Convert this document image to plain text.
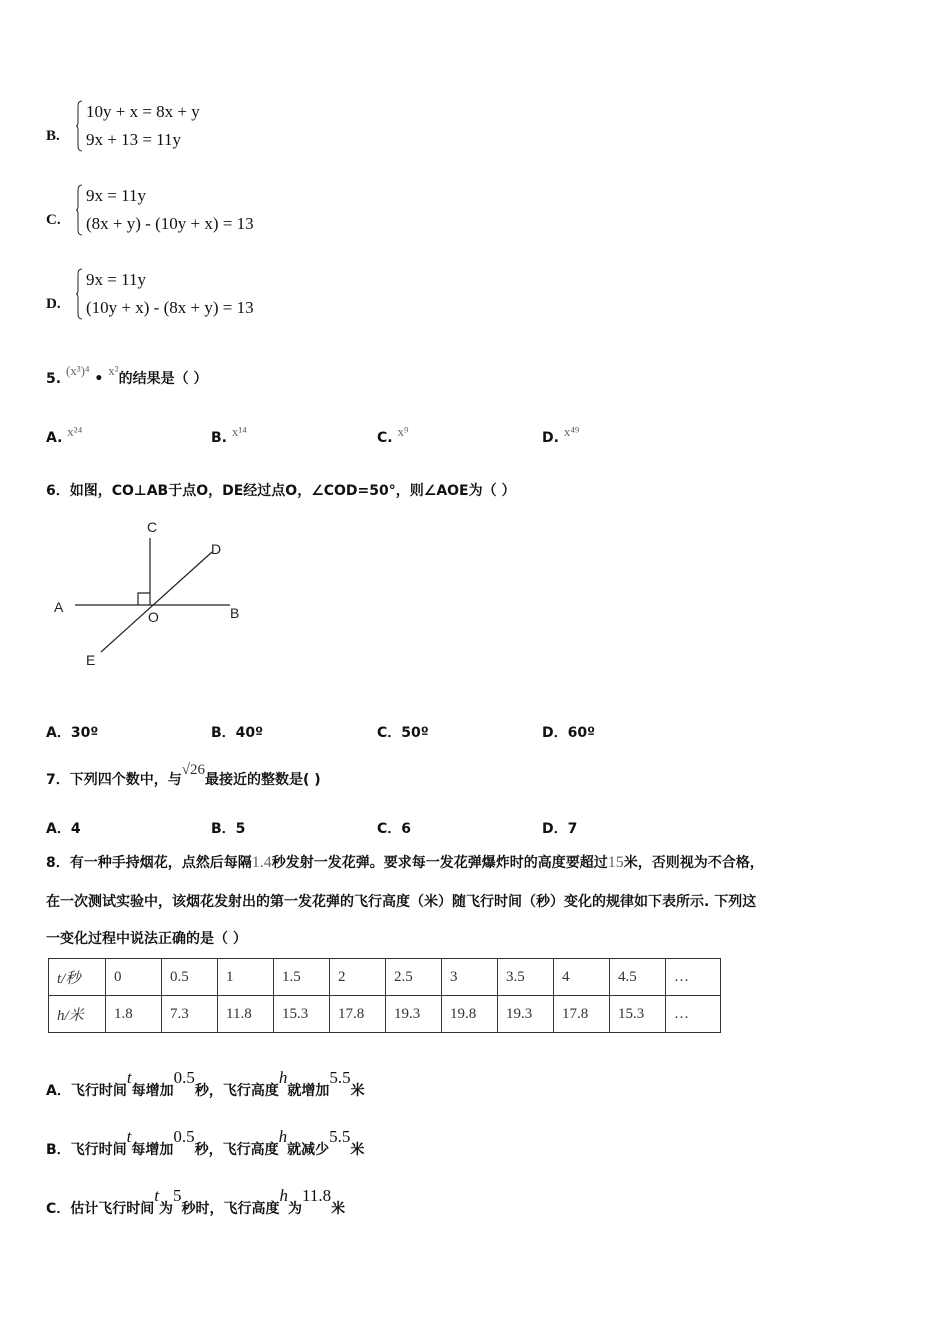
B.
10y + x = 8x + y
9x + 13 = 11y
C.
9x = 11y
(8x + y) - (10y + x) = 13
D.
9x = 11y
(10y + x) - (8x + y) = 13
5. (x³)⁴ • x²的结果是（ ）
A. x²⁴	B. x¹⁴	C. x⁹	D. x⁴⁹
6．如图，CO⊥AB于点O，DE经过点O，∠COD=50°，则∠AOE为（ ）
A	B
C
D
E
O
A．30º	B．40º	C．50º	D．60º
7．下列四个数中，与√26最接近的整数是( )
A．4	B．5	C．6	D．7
8．有一种手持烟花，点然后每隔1.4秒发射一发花弹。要求每一发花弹爆炸时的高度要超过15米，否则视为不合格，
在一次测试实验中，该烟花发射出的第一发花弹的飞行高度（米）随飞行时间（秒）变化的规律如下表所示. 下列这
一变化过程中说法正确的是（ ）
t/秒	0	0.5	1	1.5	2	2.5	3	3.5	4	4.5	…
h/米	1.8	7.3	11.8	15.3	17.8	19.3	19.8	19.3	17.8	15.3	…
A．飞行时间t每增加0.5秒，飞行高度h就增加5.5米
B．飞行时间t每增加0.5秒，飞行高度h就减少5.5米
C．估计飞行时间t为5秒时，飞行高度h为11.8米
